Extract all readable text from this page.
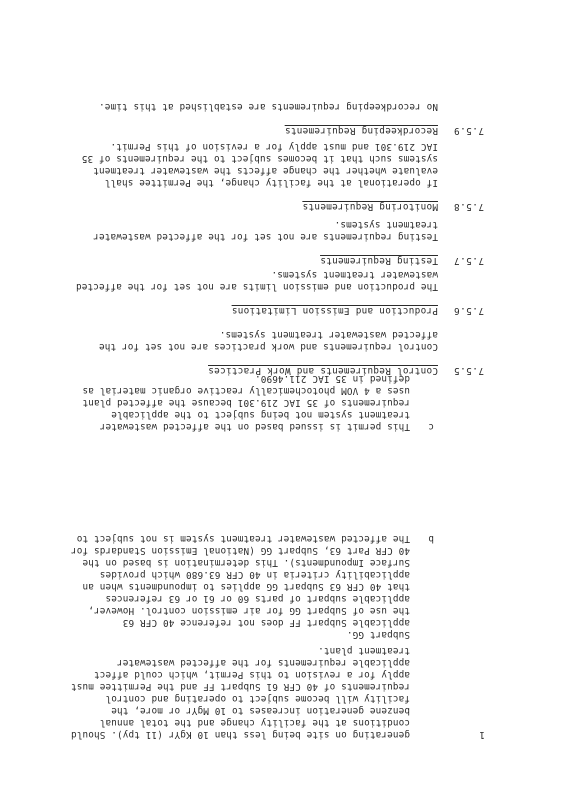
1
generating on site being less than 10 KgYr (11 tpy). Should
conditions at the facility change and the total annual
benzene generation increases to 10 MgYr or more, the
facility will become subject to operating and control
requirements of 40 CFR 61 Subpart FF and the Permittee must
apply for a revision to this Permit, which could affect
applicable requirements for the affected wastewater
treatment plant.
b
Subpart GG.
applicable Subpart FF does not reference 40 CFR 63
the use of Subpart GG for air emission control. However,
applicable subpart of parts 60 or 61 or 63 references
that 40 CFR 63 Subpart GG applies to impoundments when an
applicability criteria in 40 CFR 63.680 which provides
Surface Impoundments). This determination is based on the
40 CFR Part 63, Subpart GG (National Emission Standards for
The affected wastewater treatment system is not subject to
c
This permit is issued based on the affected wastewater
treatment system not being subject to the applicable
requirements of 35 IAC 219.301 because the affected plant
uses a 4 VOM photochemically reactive organic material as
defined in 35 IAC 211.4690.
7.5.5
Control Requirements and Work Practices
Control requirements and work practices are not set for the
affected wastewater treatment systems.
7.5.6
Production and Emission Limitations
The production and emission limits are not set for the affected
wastewater treatment systems.
7.5.7
Testing Requirements
Testing requirements are not set for the affected wastewater
treatment systems.
7.5.8
Monitoring Requirements
If operational at the facility change, the Permittee shall
evaluate whether the change affects the wastewater treatment
systems such that it becomes subject to the requirements of 35
IAC 219.301 and must apply for a revision of this Permit.
7.5.9
Recordkeeping Requirements
No recordkeeping requirements are established at this time.
